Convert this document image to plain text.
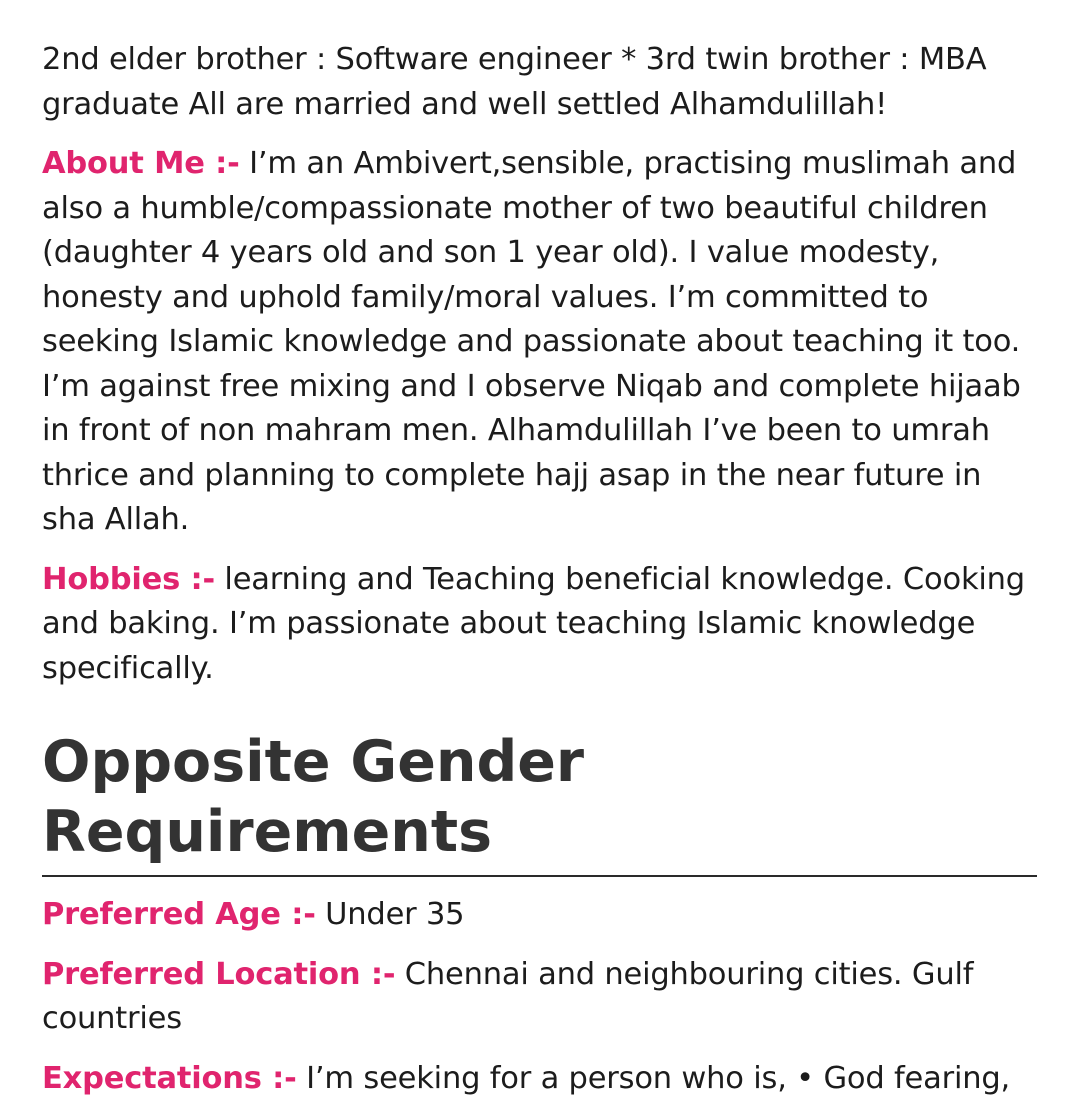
2nd elder brother : Software engineer * 3rd twin brother : MBA graduate All are married and well settled Alhamdulillah!

About Me :- I’m an Ambivert,sensible, practising muslimah and also a humble/compassionate mother of two beautiful children (daughter 4 years old and son 1 year old). I value modesty, honesty and uphold family/moral values. I’m committed to seeking Islamic knowledge and passionate about teaching it too. I’m against free mixing and I observe Niqab and complete hijaab in front of non mahram men. Alhamdulillah I’ve been to umrah thrice and planning to complete hajj asap in the near future in sha Allah.

Hobbies :- learning and Teaching beneficial knowledge. Cooking and baking. I’m passionate about teaching Islamic knowledge specifically.

Opposite Gender Requirements

Preferred Age :- Under 35

Preferred Location :- Chennai and neighbouring cities. Gulf countries

Expectations :- I’m seeking for a person who is, • God fearing,
